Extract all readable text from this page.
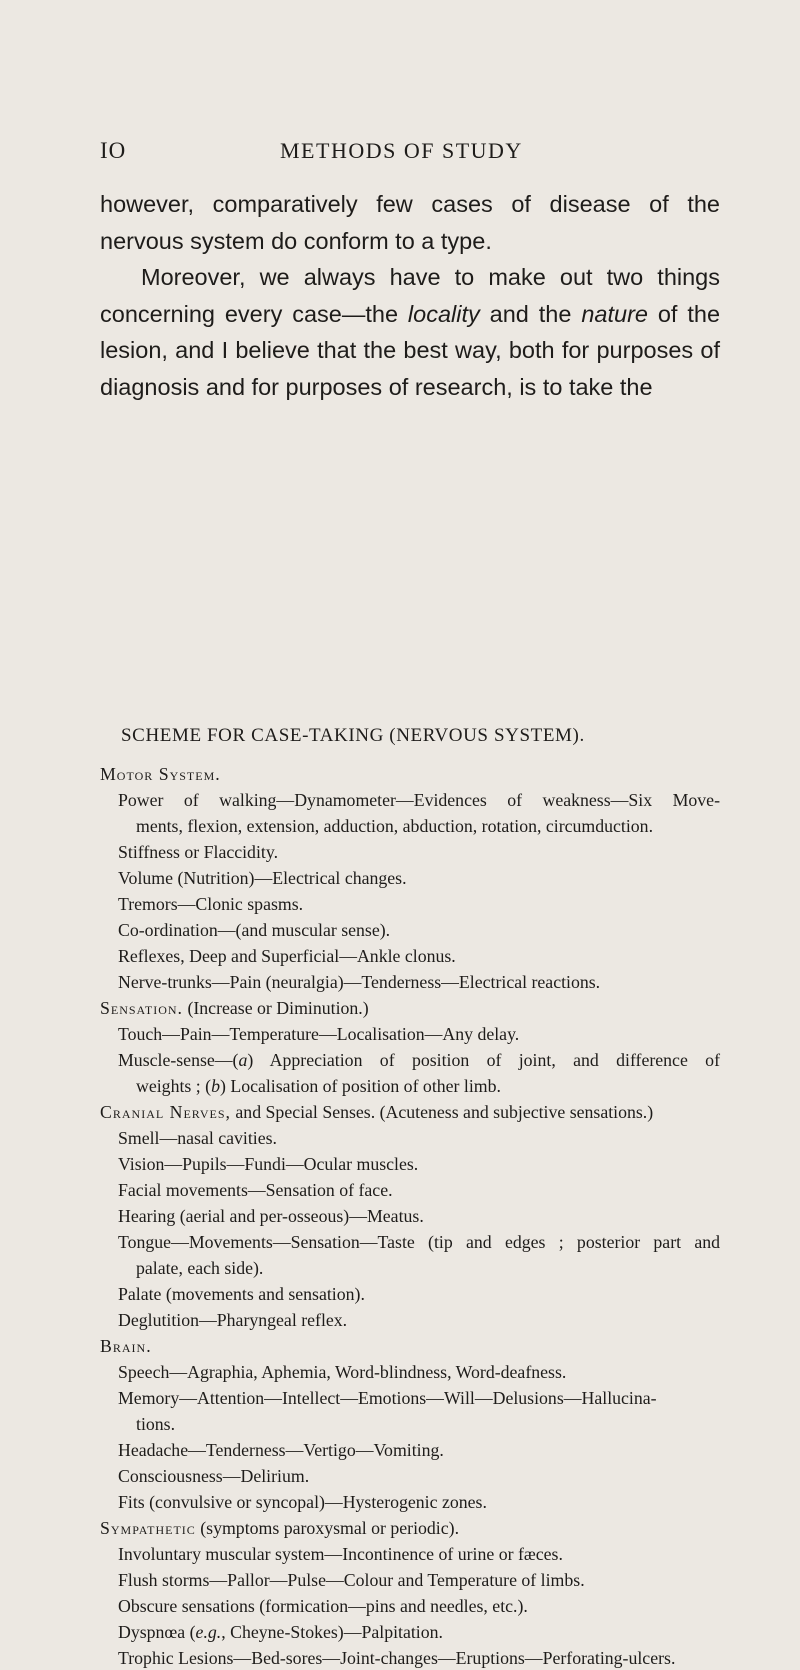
IO	METHODS OF STUDY

however, comparatively few cases of disease of the nervous system do conform to a type.

Moreover, we always have to make out two things concerning every case—the locality and the nature of the lesion, and I believe that the best way, both for purposes of diagnosis and for purposes of research, is to take the

SCHEME FOR CASE-TAKING (NERVOUS SYSTEM).
Motor System.
Power of walking—Dynamometer—Evidences of weakness—Six Move-
ments, flexion, extension, adduction, abduction, rotation, circumduction.
Stiffness or Flaccidity.
Volume (Nutrition)—Electrical changes.
Tremors—Clonic spasms.
Co-ordination—(and muscular sense).
Reflexes, Deep and Superficial—Ankle clonus.
Nerve-trunks—Pain (neuralgia)—Tenderness—Electrical reactions.
Sensation. (Increase or Diminution.)
Touch—Pain—Temperature—Localisation—Any delay.
Muscle-sense—(a) Appreciation of position of joint, and difference of
weights ; (b) Localisation of position of other limb.
Cranial Nerves, and Special Senses. (Acuteness and subjective sensations.)
Smell—nasal cavities.
Vision—Pupils—Fundi—Ocular muscles.
Facial movements—Sensation of face.
Hearing (aerial and per-osseous)—Meatus.
Tongue—Movements—Sensation—Taste (tip and edges ; posterior part and
palate, each side).
Palate (movements and sensation).
Deglutition—Pharyngeal reflex.
Brain.
Speech—Agraphia, Aphemia, Word-blindness, Word-deafness.
Memory—Attention—Intellect—Emotions—Will—Delusions—Hallucina-
tions.
Headache—Tenderness—Vertigo—Vomiting.
Consciousness—Delirium.
Fits (convulsive or syncopal)—Hysterogenic zones.
Sympathetic (symptoms paroxysmal or periodic).
Involuntary muscular system—Incontinence of urine or fæces.
Flush storms—Pallor—Pulse—Colour and Temperature of limbs.
Obscure sensations (formication—pins and needles, etc.).
Dyspnœa (e.g., Cheyne-Stokes)—Palpitation.
Trophic Lesions—Bed-sores—Joint-changes—Eruptions—Perforating-ulcers.
